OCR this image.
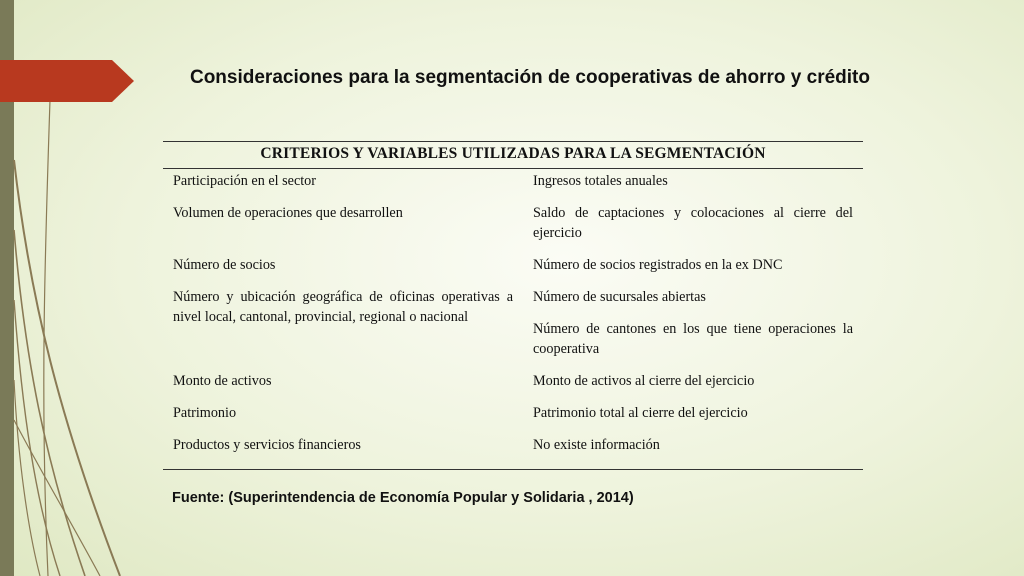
Consideraciones para la segmentación de cooperativas de ahorro y crédito
CRITERIOS Y VARIABLES UTILIZADAS PARA LA SEGMENTACIÓN
Participación en el sector	Ingresos totales anuales

Volumen de operaciones que desarrollen	Saldo de captaciones y colocaciones al cierre del ejercicio

Número de socios	Número de socios registrados en la ex DNC

Número y ubicación geográfica de oficinas operativas a nivel local, cantonal, provincial, regional o nacional	Número de sucursales abiertas
Número de cantones en los que tiene operaciones la cooperativa

Monto de activos	Monto de activos al cierre del ejercicio

Patrimonio	Patrimonio total al cierre del ejercicio

Productos y servicios financieros	No existe información
Fuente: (Superintendencia de Economía Popular y Solidaria , 2014)
